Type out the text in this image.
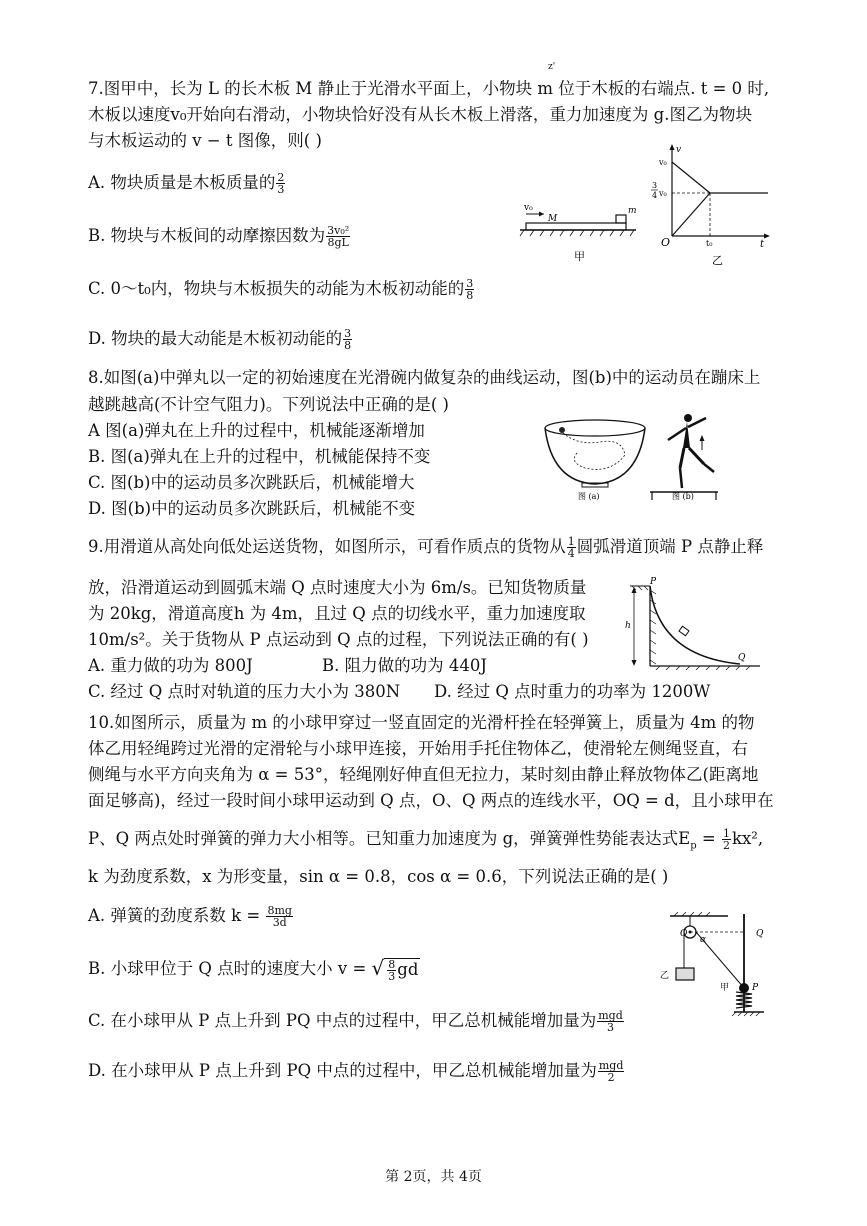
z'
7.图甲中，长为 L 的长木板 M 静止于光滑水平面上，小物块 m 位于木板的右端点. t = 0 时,
木板以速度v₀开始向右滑动，小物块恰好没有从长木板上滑落，重力加速度为 g.图乙为物块
与木板运动的 v − t 图像，则( )
A. 物块质量是木板质量的 $\frac{2}{3}$
B. 物块与木板间的动摩擦因数为 $\frac{\text{3v₀²}}{8gL}$
C. 0～t₀内，物块与木板损失的动能为木板初动能的 $\frac{3}{8}$
D. 物块的最大动能是木板初动能的 $\frac{3}{8}$
v₀
M
m
甲
v
v₀
3
4 v₀
O	t₀	t
乙
8.如图(a)中弹丸以一定的初始速度在光滑碗内做复杂的曲线运动，图(b)中的运动员在蹦床上
越跳越高(不计空气阻力)。下列说法中正确的是( )
A 图(a)弹丸在上升的过程中，机械能逐渐增加
B. 图(a)弹丸在上升的过程中，机械能保持不变
C. 图(b)中的运动员多次跳跃后，机械能增大
D. 图(b)中的运动员多次跳跃后，机械能不变
图 (a)	图 (b)
9.用滑道从高处向低处运送货物，如图所示，可看作质点的货物从 $\frac{1}{4}$ 圆弧滑道顶端 P 点静止释
放，沿滑道运动到圆弧末端 Q 点时速度大小为 6m/s。已知货物质量
为 20kg，滑道高度h 为 4m，且过 Q 点的切线水平，重力加速度取
10m/s²。关于货物从 P 点运动到 Q 点的过程，下列说法正确的有( )
A. 重力做的功为 800J	B. 阻力做的功为 440J
C. 经过 Q 点时对轨道的压力大小为 380N D. 经过 Q 点时重力的功率为 1200W
P
h
Q
10.如图所示，质量为 m 的小球甲穿过一竖直固定的光滑杆拴在轻弹簧上，质量为 4m 的物
体乙用轻绳跨过光滑的定滑轮与小球甲连接，开始用手托住物体乙，使滑轮左侧绳竖直，右
侧绳与水平方向夹角为 α = 53°，轻绳刚好伸直但无拉力，某时刻由静止释放物体乙(距离地
面足够高)，经过一段时间小球甲运动到 Q 点，O、Q 两点的连线水平，OQ = d，且小球甲在
P、Q 两点处时弹簧的弹力大小相等。已知重力加速度为 g，弹簧弹性势能表达式$E_p = \frac{1}{2} kx^2$,
k 为劲度系数，x 为形变量，sin α = 0.8，cos α = 0.6，下列说法正确的是( )
A. 弹簧的劲度系数 $k = \frac{8mg}{3d}$
B. 小球甲位于 Q 点时的速度大小 v = √ $\frac{8}{3}$ gd
C. 在小球甲从 P 点上升到 PQ 中点的过程中，甲乙总机械能增加量为 $\frac{\text{mgd}}{3}$
D. 在小球甲从 P 点上升到 PQ 中点的过程中，甲乙总机械能增加量为 $\frac{\text{mgd}}{2}$
O
α
Q
乙
甲	P
第 2页，共 4页
